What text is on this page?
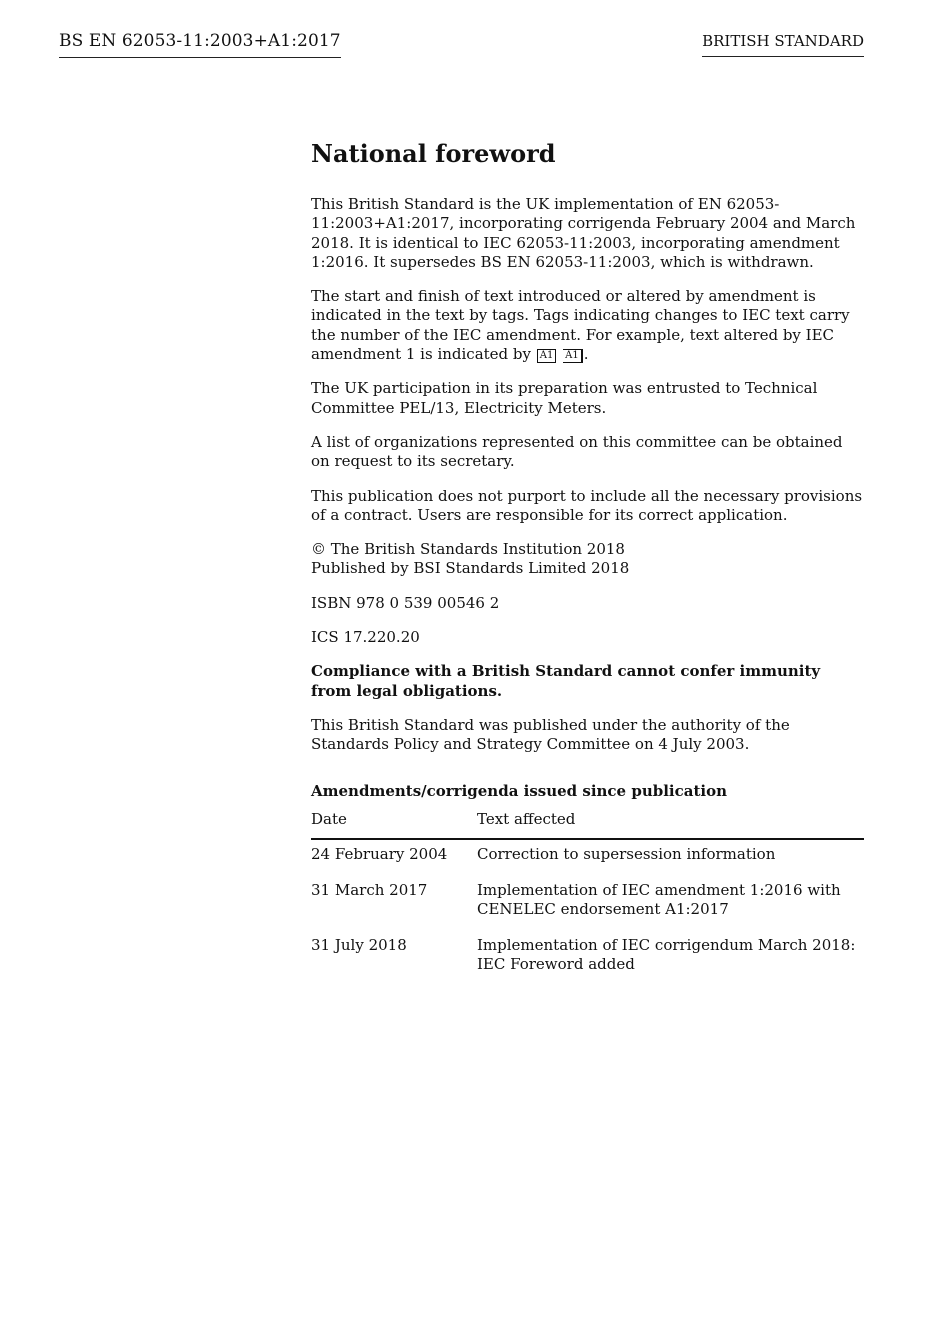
BS EN 62053-11:2003+A1:2017	BRITISH STANDARD
National foreword

This British Standard is the UK implementation of EN 62053-11:2003+A1:2017, incorporating corrigenda February 2004 and March 2018. It is identical to IEC 62053-11:2003, incorporating amendment 1:2016. It supersedes BS EN 62053-11:2003, which is withdrawn.

The start and finish of text introduced or altered by amendment is indicated in the text by tags. Tags indicating changes to IEC text carry the number of the IEC amendment. For example, text altered by IEC amendment 1 is indicated by A1 A1 .

The UK participation in its preparation was entrusted to Technical Committee PEL/13, Electricity Meters.

A list of organizations represented on this committee can be obtained on request to its secretary.

This publication does not purport to include all the necessary provisions of a contract. Users are responsible for its correct application.

© The British Standards Institution 2018
Published by BSI Standards Limited 2018

ISBN 978 0 539 00546 2

ICS 17.220.20

Compliance with a British Standard cannot confer immunity from legal obligations.

This British Standard was published under the authority of the Standards Policy and Strategy Committee on 4 July 2003.

Amendments/corrigenda issued since publication
Date	Text affected
24 February 2004	Correction to supersession information
31 March 2017	Implementation of IEC amendment 1:2016 with CENELEC endorsement A1:2017
31 July 2018	Implementation of IEC corrigendum March 2018: IEC Foreword added
